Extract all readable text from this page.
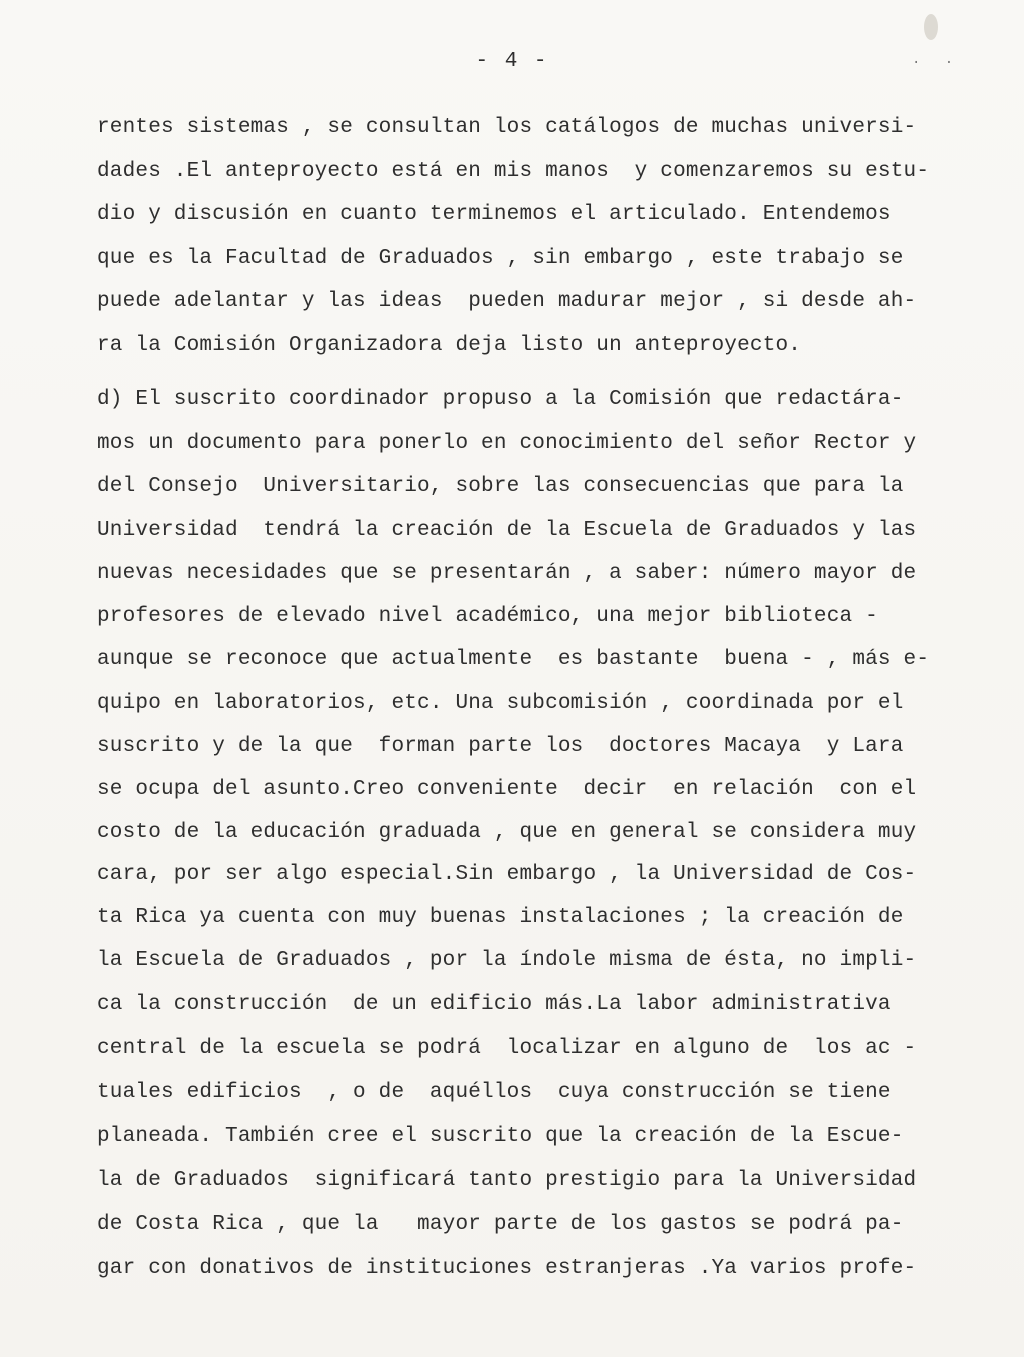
- 4 -	. .
rentes sistemas , se consultan los catálogos de muchas universi-
dades .El anteproyecto está en mis manos  y comenzaremos su estu-
dio y discusión en cuanto terminemos el articulado. Entendemos
que es la Facultad de Graduados , sin embargo , este trabajo se
puede adelantar y las ideas  pueden madurar mejor , si desde ah-
ra la Comisión Organizadora deja listo un anteproyecto.
d) El suscrito coordinador propuso a la Comisión que redactára-
mos un documento para ponerlo en conocimiento del señor Rector y
del Consejo  Universitario, sobre las consecuencias que para la
Universidad  tendrá la creación de la Escuela de Graduados y las
nuevas necesidades que se presentarán , a saber: número mayor de
profesores de elevado nivel académico, una mejor biblioteca -
aunque se reconoce que actualmente  es bastante  buena - , más e-
quipo en laboratorios, etc. Una subcomisión , coordinada por el
suscrito y de la que  forman parte los  doctores Macaya  y Lara
se ocupa del asunto.Creo conveniente  decir  en relación  con el
costo de la educación graduada , que en general se considera muy
cara, por ser algo especial.Sin embargo , la Universidad de Cos-
ta Rica ya cuenta con muy buenas instalaciones ; la creación de
la Escuela de Graduados , por la índole misma de ésta, no impli-
ca la construcción  de un edificio más.La labor administrativa
central de la escuela se podrá  localizar en alguno de  los ac -
tuales edificios  , o de  aquéllos  cuya construcción se tiene
planeada. También cree el suscrito que la creación de la Escue-
la de Graduados  significará tanto prestigio para la Universidad
de Costa Rica , que la   mayor parte de los gastos se podrá pa-
gar con donativos de instituciones estranjeras .Ya varios profe-
